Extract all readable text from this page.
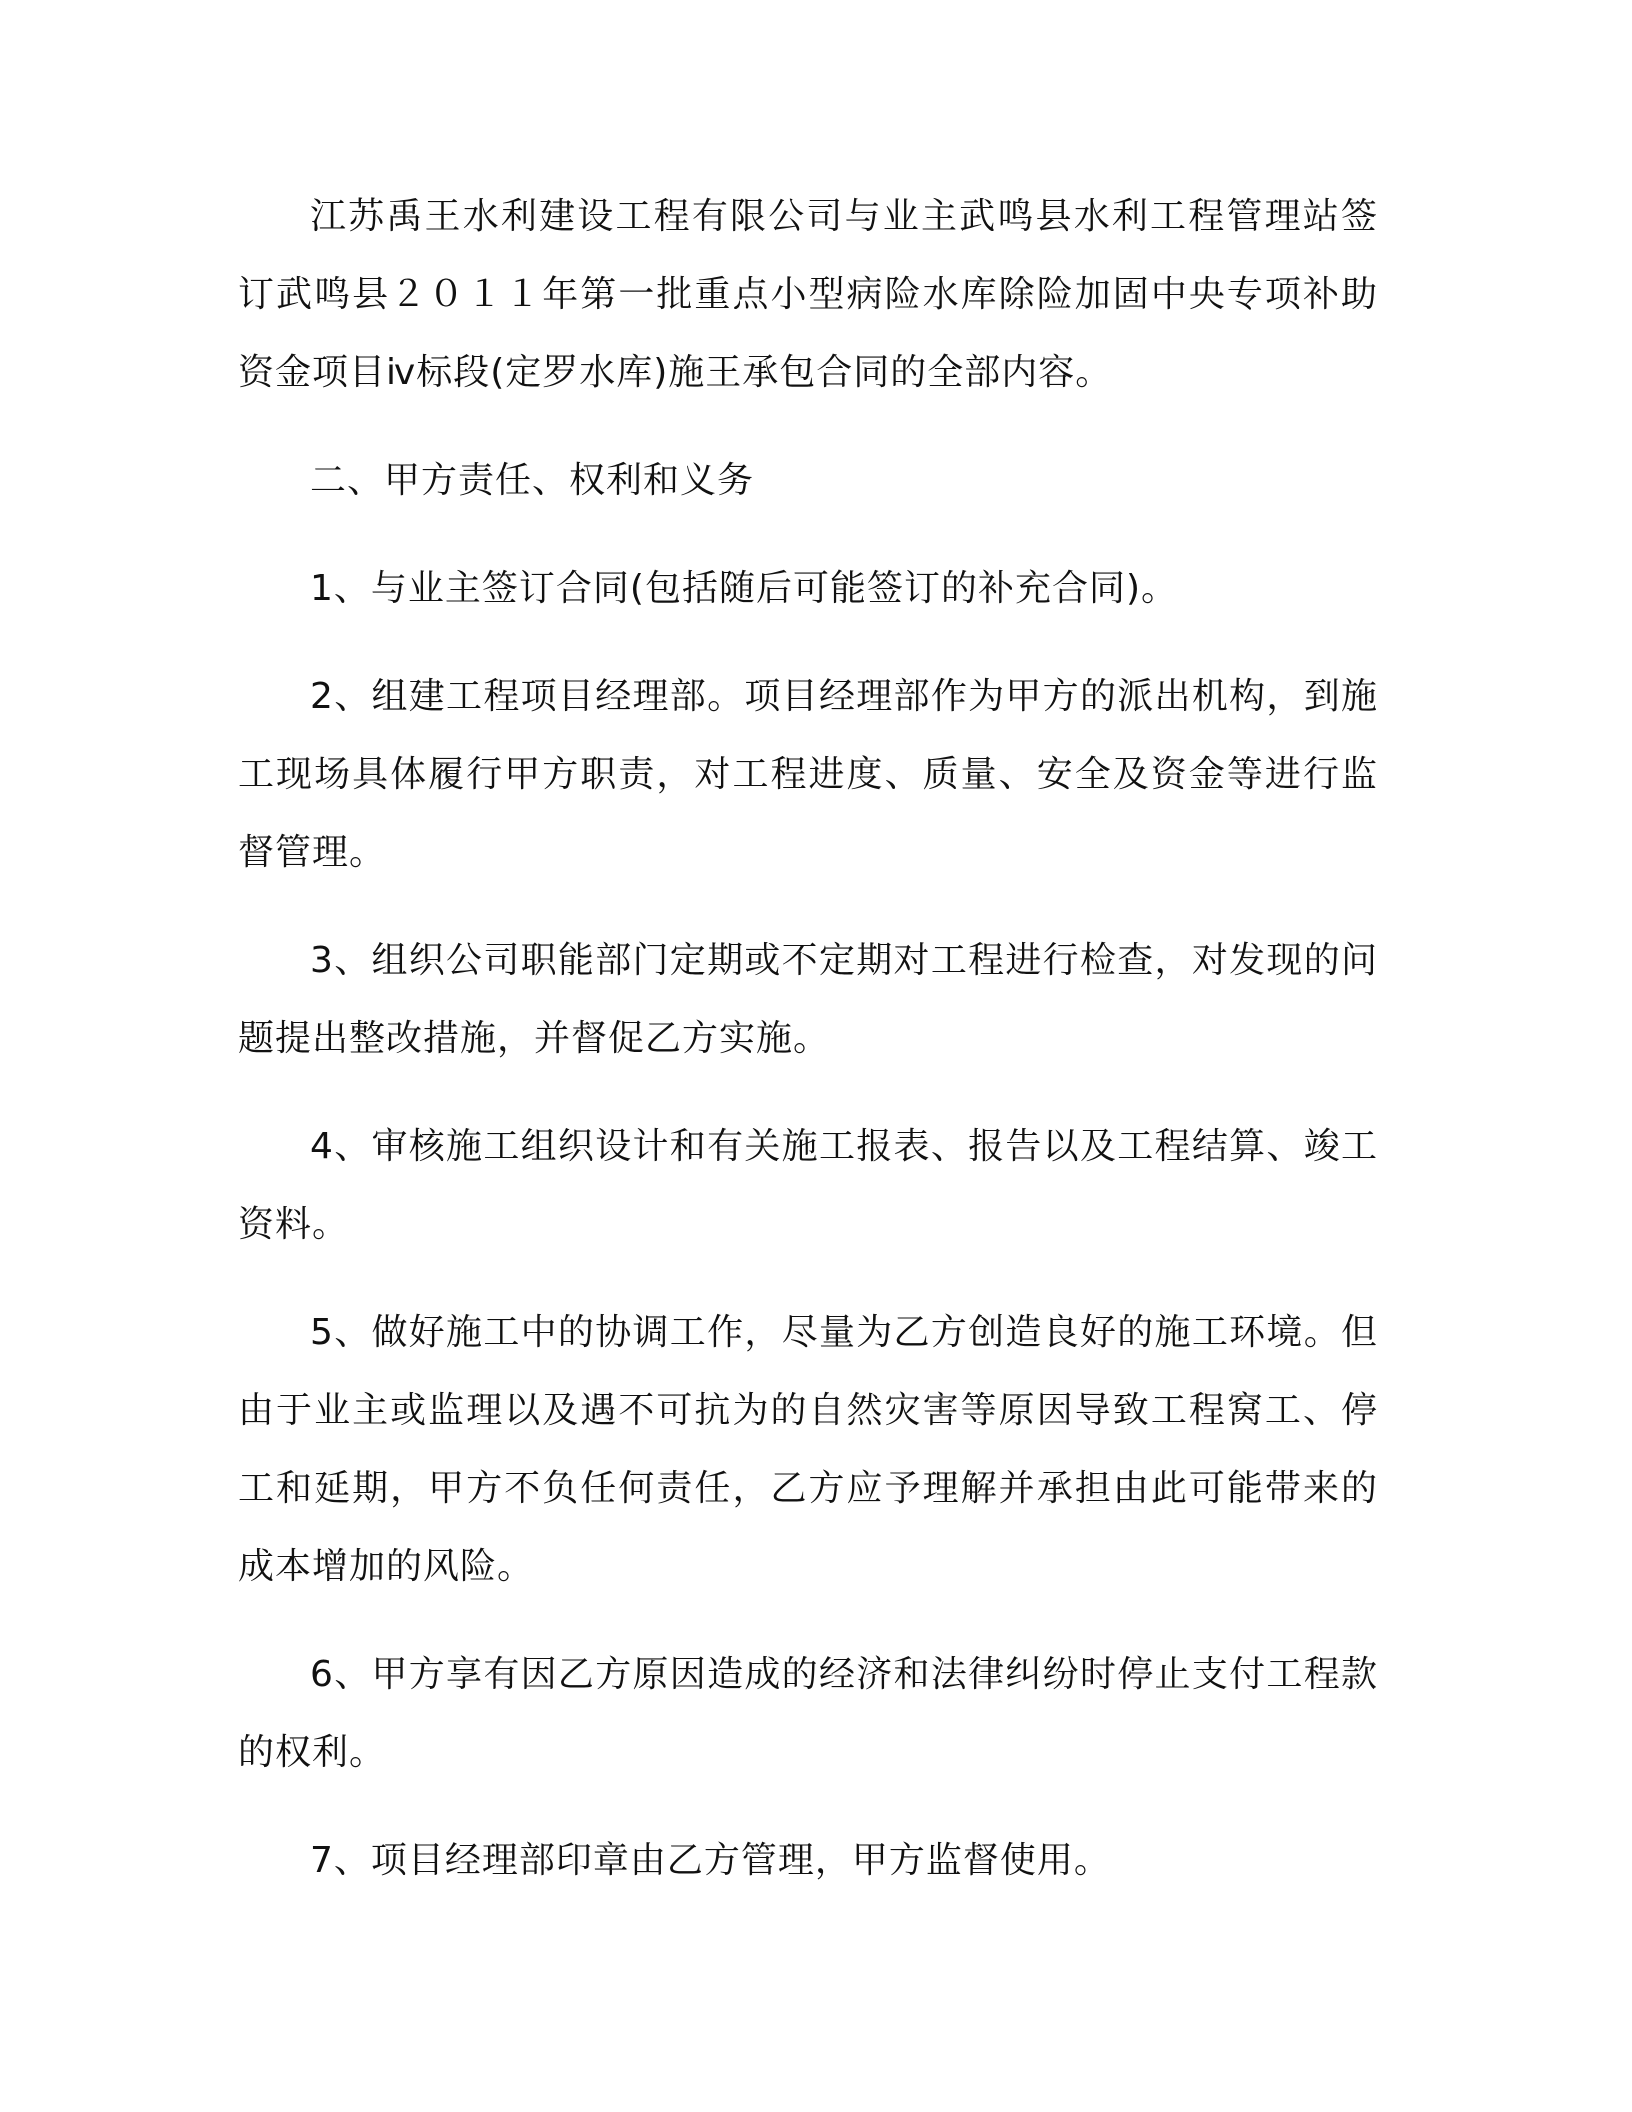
江苏禹王水利建设工程有限公司与业主武鸣县水利工程管理站签订武鸣县２０１１年第一批重点小型病险水库除险加固中央专项补助资金项目ⅳ标段(定罗水库)施王承包合同的全部内容。

二、甲方责任、权利和义务

1、与业主签订合同(包括随后可能签订的补充合同)。

2、组建工程项目经理部。项目经理部作为甲方的派出机构，到施工现场具体履行甲方职责，对工程进度、质量、安全及资金等进行监督管理。

3、组织公司职能部门定期或不定期对工程进行检查，对发现的问题提出整改措施，并督促乙方实施。

4、审核施工组织设计和有关施工报表、报告以及工程结算、竣工资料。

5、做好施工中的协调工作，尽量为乙方创造良好的施工环境。但由于业主或监理以及遇不可抗为的自然灾害等原因导致工程窝工、停工和延期，甲方不负任何责任，乙方应予理解并承担由此可能带来的成本增加的风险。

6、甲方享有因乙方原因造成的经济和法律纠纷时停止支付工程款的权利。

7、项目经理部印章由乙方管理，甲方监督使用。
